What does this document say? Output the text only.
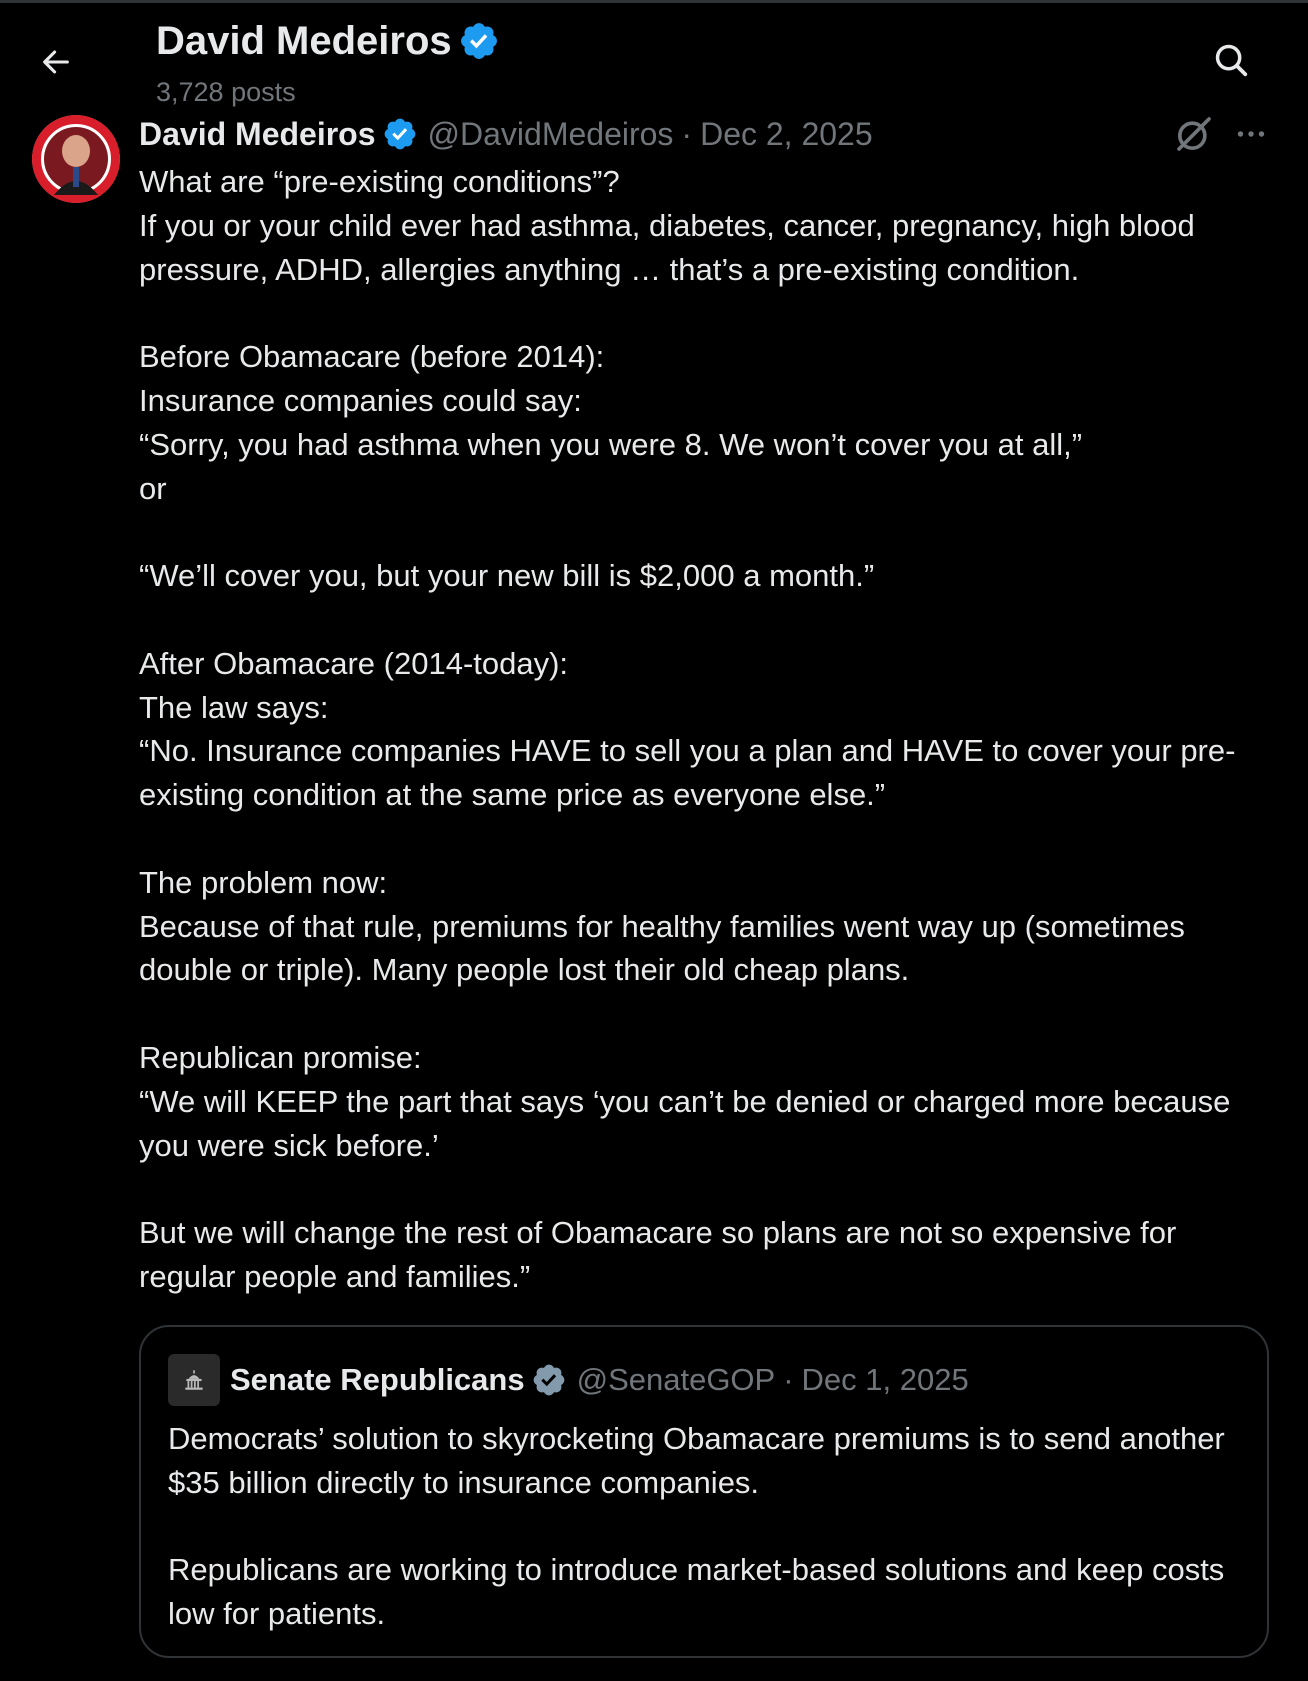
David Medeiros
3,728 posts
David Medeiros @DavidMedeiros · Dec 2, 2025

What are “pre-existing conditions”?
If you or your child ever had asthma, diabetes, cancer, pregnancy, high blood pressure, ADHD, allergies anything … that’s a pre-existing condition.

Before Obamacare (before 2014):
Insurance companies could say:
“Sorry, you had asthma when you were 8. We won’t cover you at all,”
or

“We’ll cover you, but your new bill is $2,000 a month.”

After Obamacare (2014-today):
The law says:
“No. Insurance companies HAVE to sell you a plan and HAVE to cover your pre-existing condition at the same price as everyone else.”

The problem now:
Because of that rule, premiums for healthy families went way up (sometimes double or triple). Many people lost their old cheap plans.

Republican promise:
“We will KEEP the part that says ‘you can’t be denied or charged more because you were sick before.’

But we will change the rest of Obamacare so plans are not so expensive for regular people and families.”

Senate Republicans @SenateGOP · Dec 1, 2025

Democrats’ solution to skyrocketing Obamacare premiums is to send another $35 billion directly to insurance companies.

Republicans are working to introduce market-based solutions and keep costs low for patients.
